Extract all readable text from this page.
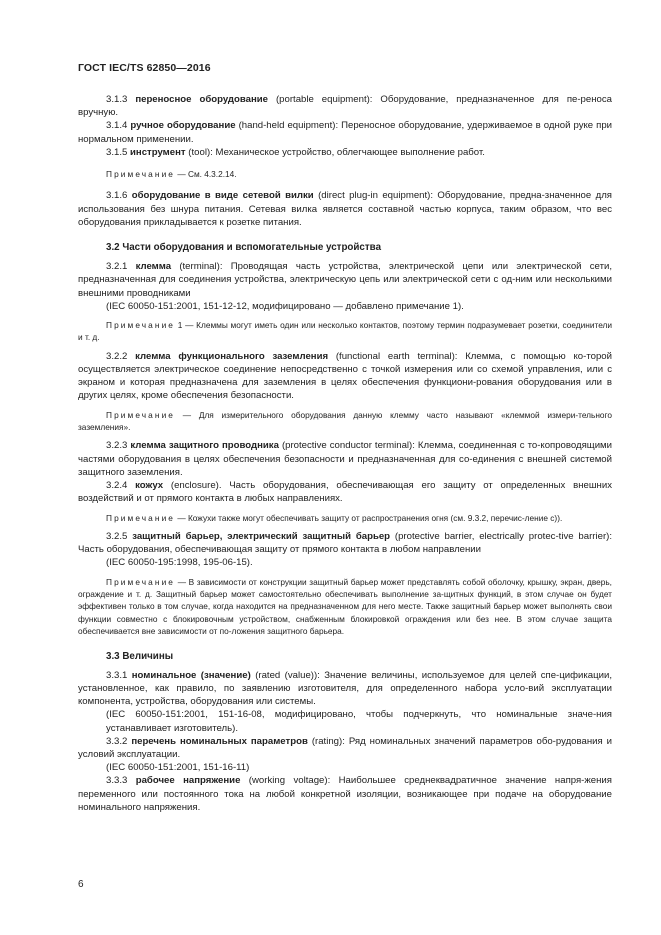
ГОСТ IEC/TS 62850—2016

3.1.3 переносное оборудование (portable equipment): Оборудование, предназначенное для пе-реноса вручную.

3.1.4 ручное оборудование (hand-held equipment): Переносное оборудование, удерживаемое в одной руке при нормальном применении.

3.1.5 инструмент (tool): Механическое устройство, облегчающее выполнение работ.

Примечание — См. 4.3.2.14.

3.1.6 оборудование в виде сетевой вилки (direct plug-in equipment): Оборудование, предна-значенное для использования без шнура питания. Сетевая вилка является составной частью корпуса, таким образом, что вес оборудования прикладывается к розетке питания.

3.2 Части оборудования и вспомогательные устройства

3.2.1 клемма (terminal): Проводящая часть устройства, электрической цепи или электрической сети, предназначенная для соединения устройства, электрическую цепь или электрической сети с од-ним или несколькими внешними проводниками

(IEC 60050-151:2001, 151-12-12, модифицировано — добавлено примечание 1).

Примечание 1 — Клеммы могут иметь один или несколько контактов, поэтому термин подразумевает розетки, соединители и т. д.

3.2.2 клемма функционального заземления (functional earth terminal): Клемма, с помощью ко-торой осуществляется электрическое соединение непосредственно с точкой измерения или со схемой управления, или с экраном и которая предназначена для заземления в целях обеспечения функциони-рования оборудования или в других целях, кроме обеспечения безопасности.

Примечание — Для измерительного оборудования данную клемму часто называют «клеммой измери-тельного заземления».

3.2.3 клемма защитного проводника (protective conductor terminal): Клемма, соединенная с то-копроводящими частями оборудования в целях обеспечения безопасности и предназначенная для со-единения с внешней системой защитного заземления.

3.2.4 кожух (enclosure). Часть оборудования, обеспечивающая его защиту от определенных внешних воздействий и от прямого контакта в любых направлениях.

Примечание — Кожухи также могут обеспечивать защиту от распространения огня (см. 9.3.2, перечис-ление с)).

3.2.5 защитный барьер, электрический защитный барьер (protective barrier, electrically protec-tive barrier): Часть оборудования, обеспечивающая защиту от прямого контакта в любом направлении

(IEC 60050-195:1998, 195-06-15).

Примечание — В зависимости от конструкции защитный барьер может представлять собой оболочку, крышку, экран, дверь, ограждение и т. д. Защитный барьер может самостоятельно обеспечивать выполнение за-щитных функций, в этом случае он будет эффективен только в том случае, когда находится на предназначенном для него месте. Также защитный барьер может выполнять свои функции совместно с блокировочным устройством, снабженным блокировкой ограждения или без нее. В этом случае защита обеспечивается вне зависимости от по-ложения защитного барьера.

3.3 Величины

3.3.1 номинальное (значение) (rated (value)): Значение величины, используемое для целей спе-цификации, установленное, как правило, по заявлению изготовителя, для определенного набора усло-вий эксплуатации компонента, устройства, оборудования или системы.

(IEC 60050-151:2001, 151-16-08, модифицировано, чтобы подчеркнуть, что номинальные значе-ния устанавливает изготовитель).

3.3.2 перечень номинальных параметров (rating): Ряд номинальных значений параметров обо-рудования и условий эксплуатации.

(IEC 60050-151:2001, 151-16-11)

3.3.3 рабочее напряжение (working voltage): Наибольшее среднеквадратичное значение напря-жения переменного или постоянного тока на любой конкретной изоляции, возникающее при подаче на оборудование номинального напряжения.

6
